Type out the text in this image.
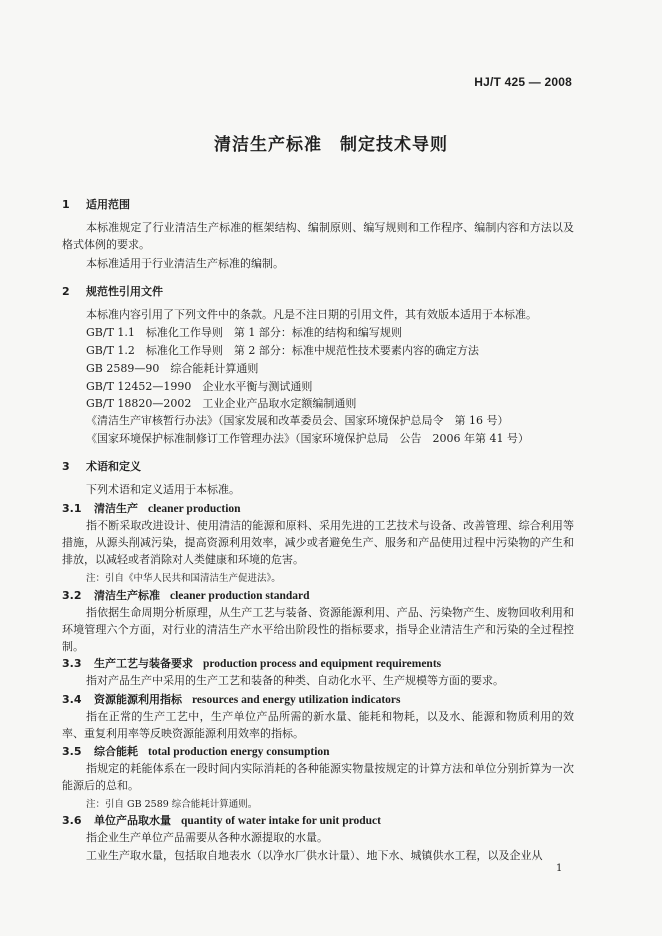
HJ/T 425 — 2008
清洁生产标准　制定技术导则
1 适用范围
本标准规定了行业清洁生产标准的框架结构、编制原则、编写规则和工作程序、编制内容和方法以及格式体例的要求。
本标准适用于行业清洁生产标准的编制。
2 规范性引用文件
本标准内容引用了下列文件中的条款。凡是不注日期的引用文件，其有效版本适用于本标准。
GB/T 1.1　标准化工作导则　第 1 部分：标准的结构和编写规则
GB/T 1.2　标准化工作导则　第 2 部分：标准中规范性技术要素内容的确定方法
GB 2589—90　综合能耗计算通则
GB/T 12452—1990　企业水平衡与测试通则
GB/T 18820—2002　工业企业产品取水定额编制通则
《清洁生产审核暂行办法》（国家发展和改革委员会、国家环境保护总局令　第 16 号）
《国家环境保护标准制修订工作管理办法》（国家环境保护总局　公告　2006 年第 41 号）
3 术语和定义
下列术语和定义适用于本标准。
3.1 清洁生产 cleaner production
指不断采取改进设计、使用清洁的能源和原料、采用先进的工艺技术与设备、改善管理、综合利用等措施，从源头削减污染，提高资源利用效率，减少或者避免生产、服务和产品使用过程中污染物的产生和排放，以减轻或者消除对人类健康和环境的危害。
注：引自《中华人民共和国清洁生产促进法》。
3.2 清洁生产标准 cleaner production standard
指依据生命周期分析原理，从生产工艺与装备、资源能源利用、产品、污染物产生、废物回收利用和环境管理六个方面，对行业的清洁生产水平给出阶段性的指标要求，指导企业清洁生产和污染的全过程控制。
3.3 生产工艺与装备要求 production process and equipment requirements
指对产品生产中采用的生产工艺和装备的种类、自动化水平、生产规模等方面的要求。
3.4 资源能源利用指标 resources and energy utilization indicators
指在正常的生产工艺中，生产单位产品所需的新水量、能耗和物耗，以及水、能源和物质利用的效率、重复利用率等反映资源能源利用效率的指标。
3.5 综合能耗 total production energy consumption
指规定的耗能体系在一段时间内实际消耗的各种能源实物量按规定的计算方法和单位分别折算为一次能源后的总和。
注：引自 GB 2589 综合能耗计算通则。
3.6 单位产品取水量 quantity of water intake for unit product
指企业生产单位产品需要从各种水源提取的水量。
工业生产取水量，包括取自地表水（以净水厂供水计量）、地下水、城镇供水工程，以及企业从
1
